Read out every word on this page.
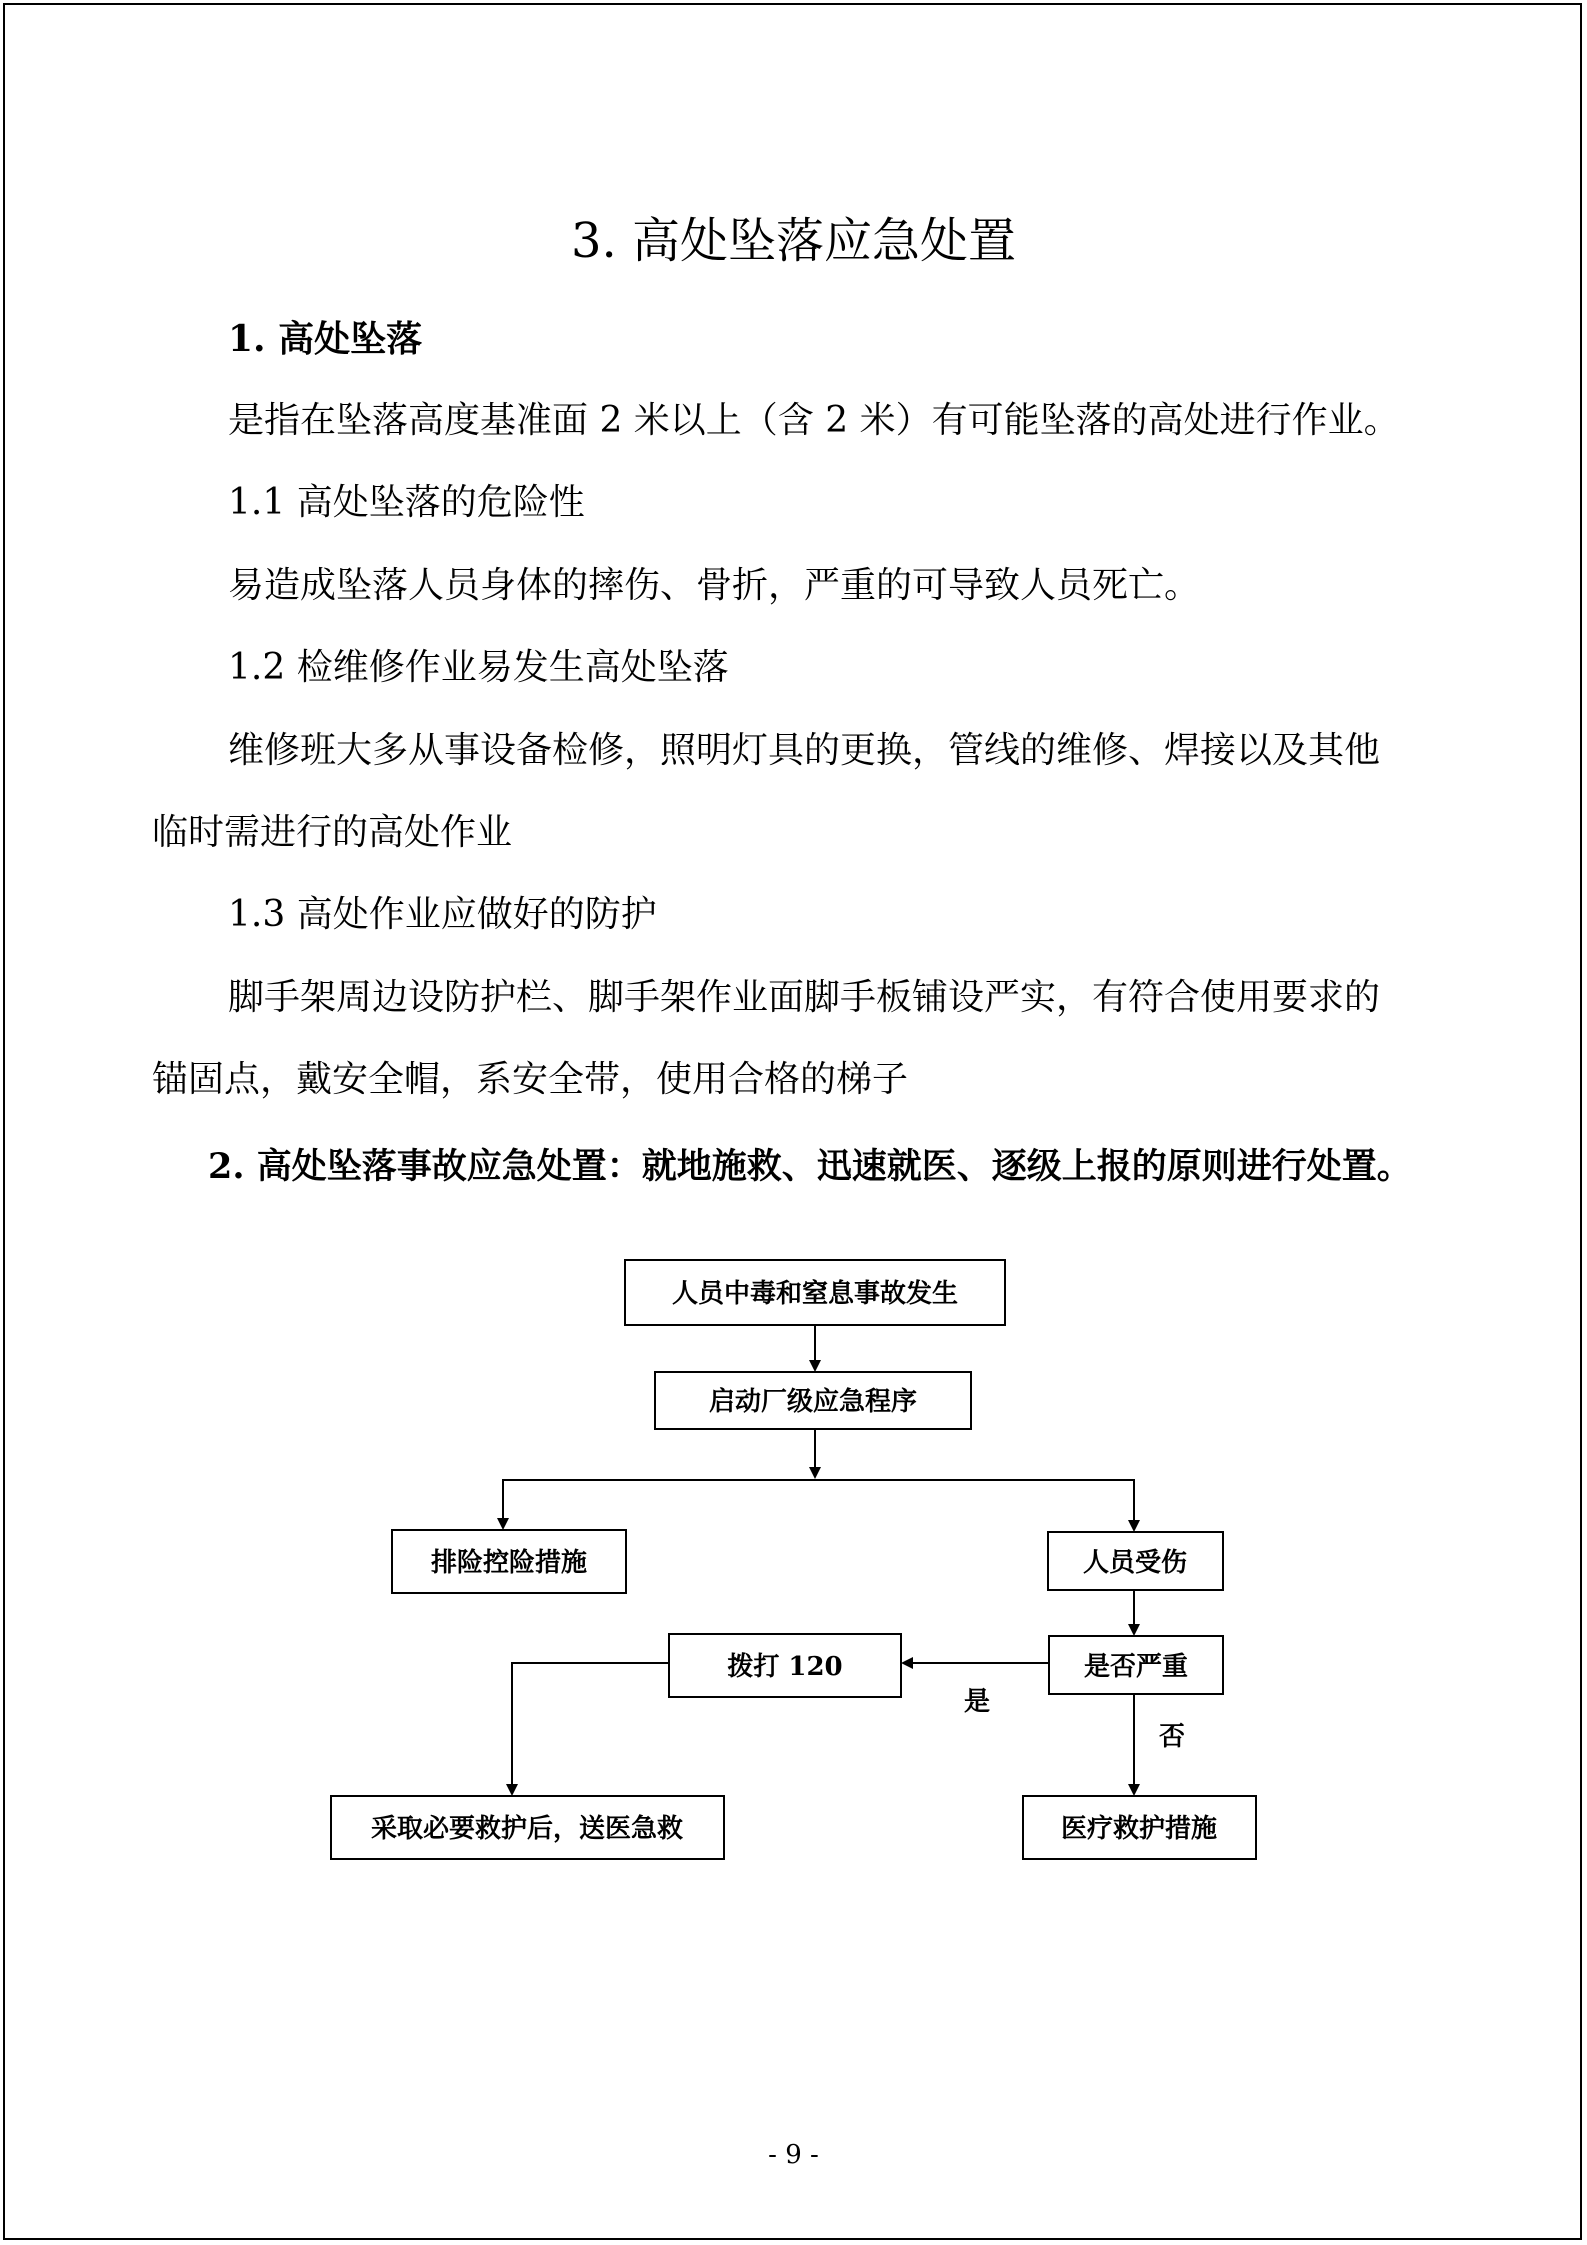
3. 高处坠落应急处置
1. 高处坠落
是指在坠落高度基准面 2 米以上（含 2 米）有可能坠落的高处进行作业。
1.1 高处坠落的危险性
易造成坠落人员身体的摔伤、骨折，严重的可导致人员死亡。
1.2 检维修作业易发生高处坠落
维修班大多从事设备检修，照明灯具的更换，管线的维修、焊接以及其他
临时需进行的高处作业
1.3 高处作业应做好的防护
脚手架周边设防护栏、脚手架作业面脚手板铺设严实，有符合使用要求的
锚固点，戴安全帽，系安全带，使用合格的梯子
2. 高处坠落事故应急处置：就地施救、迅速就医、逐级上报的原则进行处置。
人员中毒和窒息事故发生
启动厂级应急程序
排险控险措施	人员受伤
是否严重
拨打 120
是
否
采取必要救护后，送医急救	医疗救护措施
- 9 -
